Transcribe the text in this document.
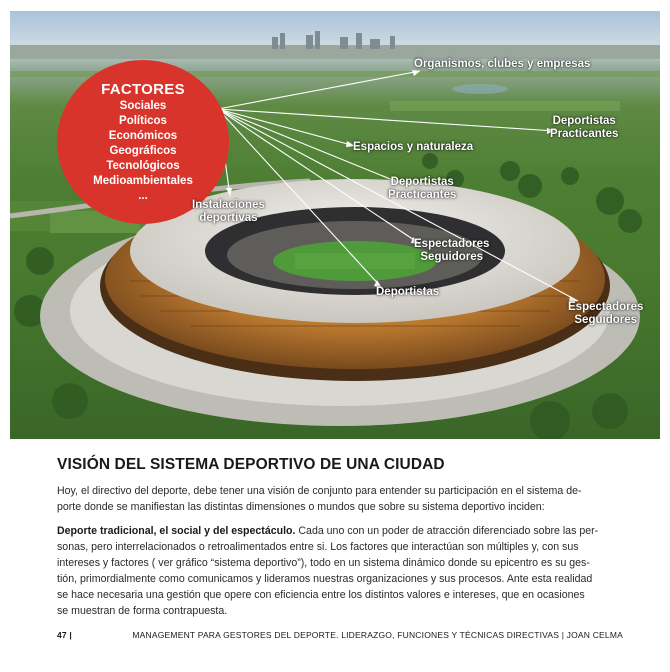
FACTORES
Sociales
Políticos
Económicos
Geográficos
Tecnológicos
Medioambientales
...
Organismos, clubes y empresas
Deportistas
Practicantes
Espacios y naturaleza
Deportistas
Practicantes
Instalaciones
deportivas
Espectadores
Seguidores
Deportistas
Espectadores
Seguidores
VISIÓN DEL SISTEMA DEPORTIVO DE UNA CIUDAD

Hoy, el directivo del deporte, debe tener una visión de conjunto para entender su participación en el sistema de-
porte donde se manifiestan las distintas dimensiones o mundos que sobre su sistema deportivo inciden:

Deporte tradicional, el social y del espectáculo. Cada uno con un poder de atracción diferenciado sobre las per-
sonas, pero interrelacionados o retroalimentados entre si. Los factores que interactúan son múltiples y, con sus
intereses y factores ( ver gráfico “sistema deportivo”), todo en un sistema dinámico donde su epicentro es su ges-
tión, primordialmente como comunicamos y lideramos nuestras organizaciones y sus procesos. Ante esta realidad
se hace necesaria una gestión que opere con eficiencia entre los distintos valores e intereses, que en ocasiones
se muestran de forma contrapuesta.

47 |	MANAGEMENT PARA GESTORES DEL DEPORTE. LIDERAZGO, FUNCIONES Y TÉCNICAS DIRECTIVAS | JOAN CELMA
